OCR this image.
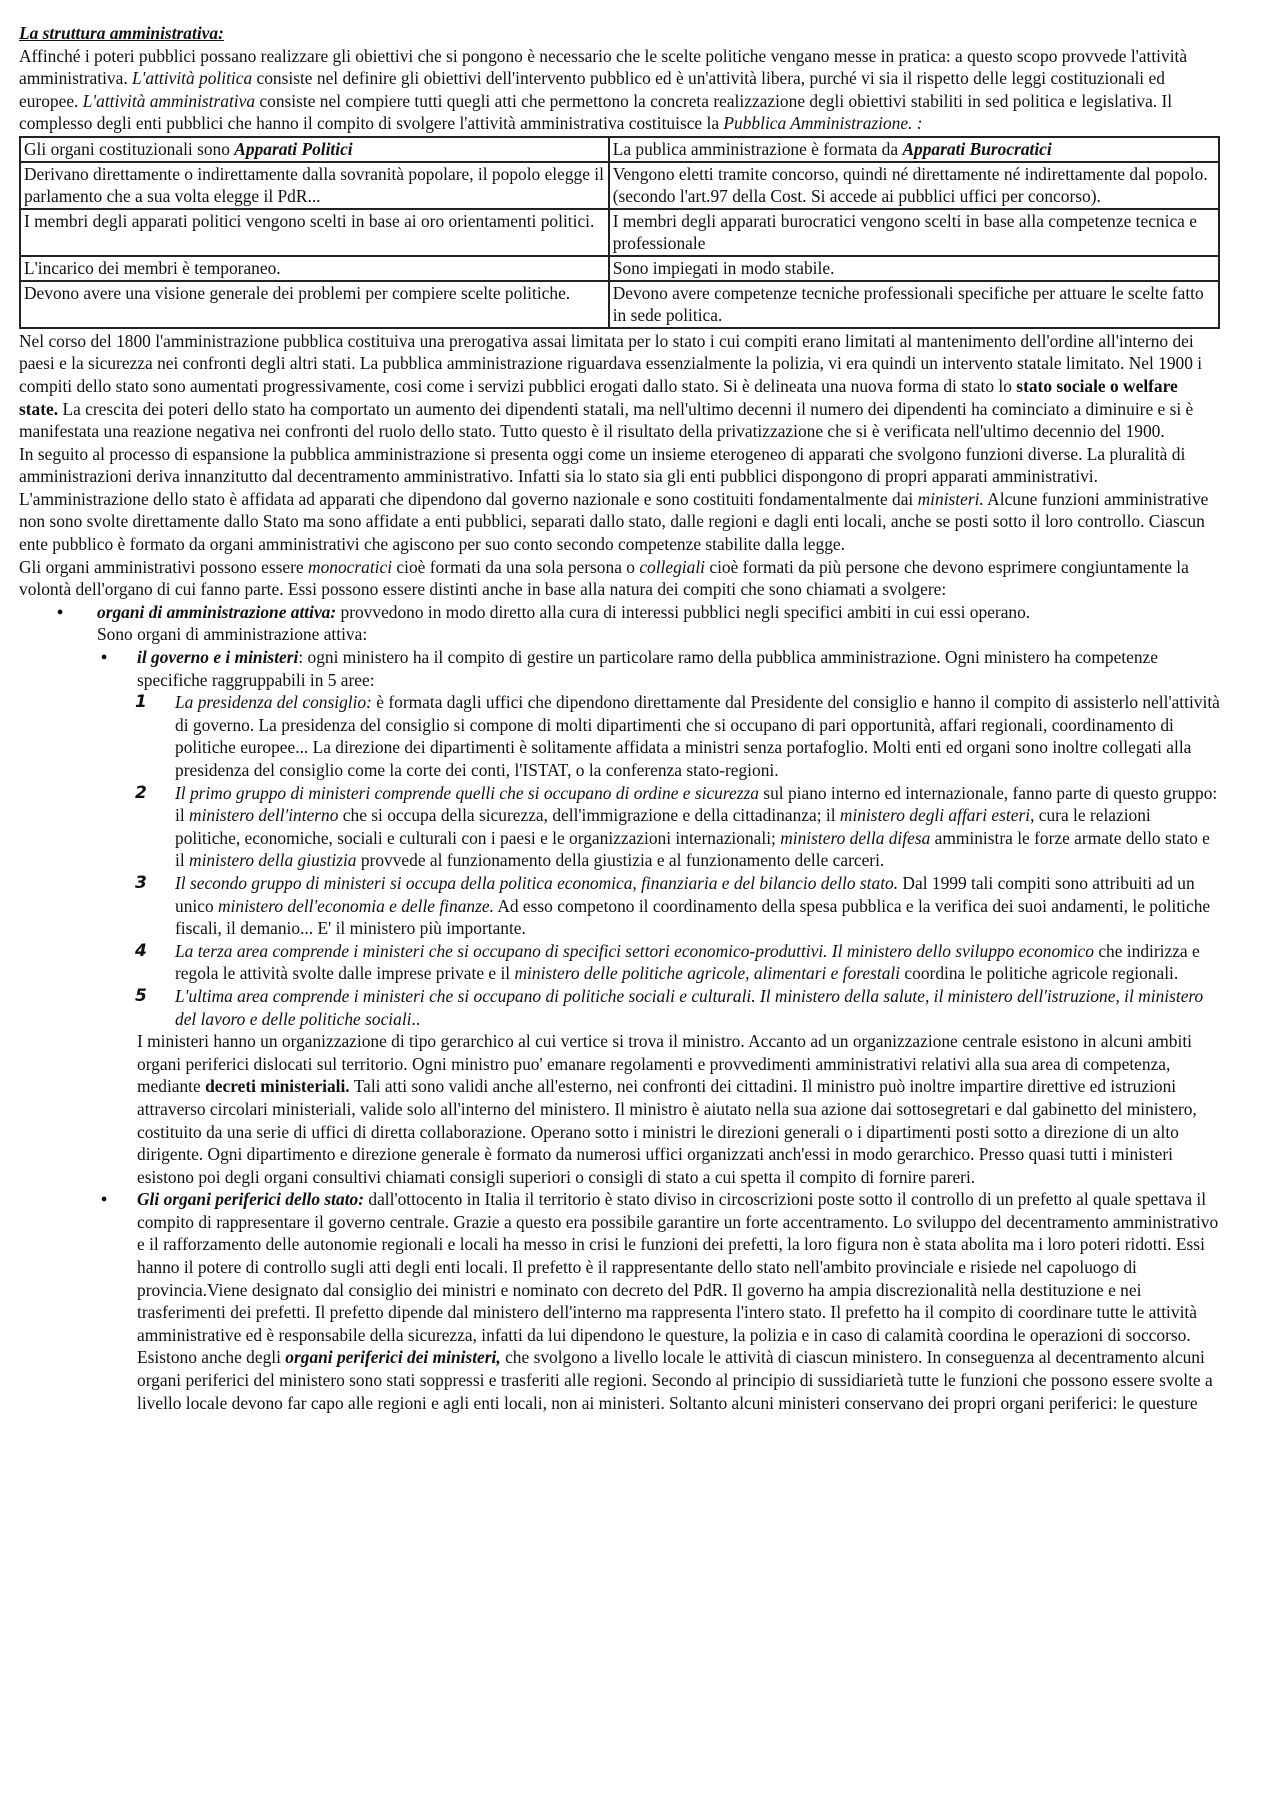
La struttura amministrativa:

Affinché i poteri pubblici possano realizzare gli obiettivi che si pongono è necessario che le scelte politiche vengano messe in pratica: a questo scopo provvede l'attività amministrativa. L'attività politica consiste nel definire gli obiettivi dell'intervento pubblico ed è un'attività libera, purché vi sia il rispetto delle leggi costituzionali ed europee. L'attività amministrativa consiste nel compiere tutti quegli atti che permettono la concreta realizzazione degli obiettivi stabiliti in sed politica e legislativa. Il complesso degli enti pubblici che hanno il compito di svolgere l'attività amministrativa costituisce la Pubblica Amministrazione. :

Gli organi costituzionali sono Apparati Politici	La publica amministrazione è formata da Apparati Burocratici
Derivano direttamente o indirettamente dalla sovranità popolare, il popolo elegge il parlamento che a sua volta elegge il PdR...	Vengono eletti tramite concorso, quindi né direttamente né indirettamente dal popolo. (secondo l'art.97 della Cost. Si accede ai pubblici uffici per concorso).
I membri degli apparati politici vengono scelti in base ai oro orientamenti politici.	I membri degli apparati burocratici vengono scelti in base alla competenze tecnica e professionale
L'incarico dei membri è temporaneo.	Sono impiegati in modo stabile.
Devono avere una visione generale dei problemi per compiere scelte politiche.	Devono avere competenze tecniche professionali specifiche per attuare le scelte fatto in sede politica.

Nel corso del 1800 l'amministrazione pubblica costituiva una prerogativa assai limitata per lo stato i cui compiti erano limitati al mantenimento dell'ordine all'interno dei paesi e la sicurezza nei confronti degli altri stati. La pubblica amministrazione riguardava essenzialmente la polizia, vi era quindi un intervento statale limitato. Nel 1900 i compiti dello stato sono aumentati progressivamente, cosi come i servizi pubblici erogati dallo stato. Si è delineata una nuova forma di stato lo stato sociale o welfare state. La crescita dei poteri dello stato ha comportato un aumento dei dipendenti statali, ma nell'ultimo decenni il numero dei dipendenti ha cominciato a diminuire e si è manifestata una reazione negativa nei confronti del ruolo dello stato. Tutto questo è il risultato della privatizzazione che si è verificata nell'ultimo decennio del 1900.

In seguito al processo di espansione la pubblica amministrazione si presenta oggi come un insieme eterogeneo di apparati che svolgono funzioni diverse. La pluralità di amministrazioni deriva innanzitutto dal decentramento amministrativo. Infatti sia lo stato sia gli enti pubblici dispongono di propri apparati amministrativi. L'amministrazione dello stato è affidata ad apparati che dipendono dal governo nazionale e sono costituiti fondamentalmente dai ministeri. Alcune funzioni amministrative non sono svolte direttamente dallo Stato ma sono affidate a enti pubblici, separati dallo stato, dalle regioni e dagli enti locali, anche se posti sotto il loro controllo. Ciascun ente pubblico è formato da organi amministrativi che agiscono per suo conto secondo competenze stabilite dalla legge.

Gli organi amministrativi possono essere monocratici cioè formati da una sola persona o collegiali cioè formati da più persone che devono esprimere congiuntamente la volontà dell'organo di cui fanno parte. Essi possono essere distinti anche in base alla natura dei compiti che sono chiamati a svolgere:

• organi di amministrazione attiva: provvedono in modo diretto alla cura di interessi pubblici negli specifici ambiti in cui essi operano.

Sono organi di amministrazione attiva:

• il governo e i ministeri: ogni ministero ha il compito di gestire un particolare ramo della pubblica amministrazione. Ogni ministero ha competenze specifiche raggruppabili in 5 aree:

1 La presidenza del consiglio: è formata dagli uffici che dipendono direttamente dal Presidente del consiglio e hanno il compito di assisterlo nell'attività di governo. La presidenza del consiglio si compone di molti dipartimenti che si occupano di pari opportunità, affari regionali, coordinamento di politiche europee... La direzione dei dipartimenti è solitamente affidata a ministri senza portafoglio. Molti enti ed organi sono inoltre collegati alla presidenza del consiglio come la corte dei conti, l'ISTAT, o la conferenza stato-regioni.

2 Il primo gruppo di ministeri comprende quelli che si occupano di ordine e sicurezza sul piano interno ed internazionale, fanno parte di questo gruppo: il ministero dell'interno che si occupa della sicurezza, dell'immigrazione e della cittadinanza; il ministero degli affari esteri, cura le relazioni politiche, economiche, sociali e culturali con i paesi e le organizzazioni internazionali; ministero della difesa amministra le forze armate dello stato e il ministero della giustizia provvede al funzionamento della giustizia e al funzionamento delle carceri.

3 Il secondo gruppo di ministeri si occupa della politica economica, finanziaria e del bilancio dello stato. Dal 1999 tali compiti sono attribuiti ad un unico ministero dell'economia e delle finanze. Ad esso competono il coordinamento della spesa pubblica e la verifica dei suoi andamenti, le politiche fiscali, il demanio... E' il ministero più importante.

4 La terza area comprende i ministeri che si occupano di specifici settori economico-produttivi. Il ministero dello sviluppo economico che indirizza e regola le attività svolte dalle imprese private e il ministero delle politiche agricole, alimentari e forestali coordina le politiche agricole regionali.

5 L'ultima area comprende i ministeri che si occupano di politiche sociali e culturali. Il ministero della salute, il ministero dell'istruzione, il ministero del lavoro e delle politiche sociali..

I ministeri hanno un organizzazione di tipo gerarchico al cui vertice si trova il ministro. Accanto ad un organizzazione centrale esistono in alcuni ambiti organi periferici dislocati sul territorio. Ogni ministro puo' emanare regolamenti e provvedimenti amministrativi relativi alla sua area di competenza, mediante decreti ministeriali. Tali atti sono validi anche all'esterno, nei confronti dei cittadini. Il ministro può inoltre impartire direttive ed istruzioni attraverso circolari ministeriali, valide solo all'interno del ministero. Il ministro è aiutato nella sua azione dai sottosegretari e dal gabinetto del ministero, costituito da una serie di uffici di diretta collaborazione. Operano sotto i ministri le direzioni generali o i dipartimenti posti sotto a direzione di un alto dirigente. Ogni dipartimento e direzione generale è formato da numerosi uffici organizzati anch'essi in modo gerarchico. Presso quasi tutti i ministeri esistono poi degli organi consultivi chiamati consigli superiori o consigli di stato a cui spetta il compito di fornire pareri.

• Gli organi periferici dello stato: dall'ottocento in Italia il territorio è stato diviso in circoscrizioni poste sotto il controllo di un prefetto al quale spettava il compito di rappresentare il governo centrale. Grazie a questo era possibile garantire un forte accentramento. Lo sviluppo del decentramento amministrativo e il rafforzamento delle autonomie regionali e locali ha messo in crisi le funzioni dei prefetti, la loro figura non è stata abolita ma i loro poteri ridotti. Essi hanno il potere di controllo sugli atti degli enti locali. Il prefetto è il rappresentante dello stato nell'ambito provinciale e risiede nel capoluogo di provincia.Viene designato dal consiglio dei ministri e nominato con decreto del PdR. Il governo ha ampia discrezionalità nella destituzione e nei trasferimenti dei prefetti. Il prefetto dipende dal ministero dell'interno ma rappresenta l'intero stato. Il prefetto ha il compito di coordinare tutte le attività amministrative ed è responsabile della sicurezza, infatti da lui dipendono le questure, la polizia e in caso di calamità coordina le operazioni di soccorso. Esistono anche degli organi periferici dei ministeri, che svolgono a livello locale le attività di ciascun ministero. In conseguenza al decentramento alcuni organi periferici del ministero sono stati soppressi e trasferiti alle regioni. Secondo al principio di sussidiarietà tutte le funzioni che possono essere svolte a livello locale devono far capo alle regioni e agli enti locali, non ai ministeri. Soltanto alcuni ministeri conservano dei propri organi periferici: le questure
